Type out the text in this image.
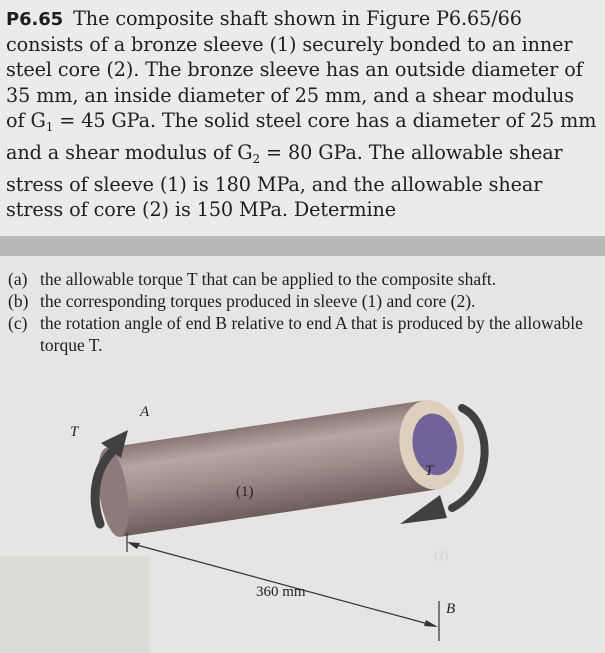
P6.65 The composite shaft shown in Figure P6.65/66 consists of a bronze sleeve (1) securely bonded to an inner steel core (2). The bronze sleeve has an outside diameter of 35 mm, an inside diameter of 25 mm, and a shear modulus of $G_1 = 45$ GPa. The solid steel core has a diameter of 25 mm and a shear modulus of $G_2 = 80$ GPa. The allowable shear stress of sleeve (1) is 180 MPa, and the allowable shear stress of core (2) is 150 MPa. Determine
(a) the allowable torque T that can be applied to the composite shaft.
(b) the corresponding torques produced in sleeve (1) and core (2).
(c) the rotation angle of end B relative to end A that is produced by the allowable torque T.
T
A
T
(1)
(2)
360 mm
B
